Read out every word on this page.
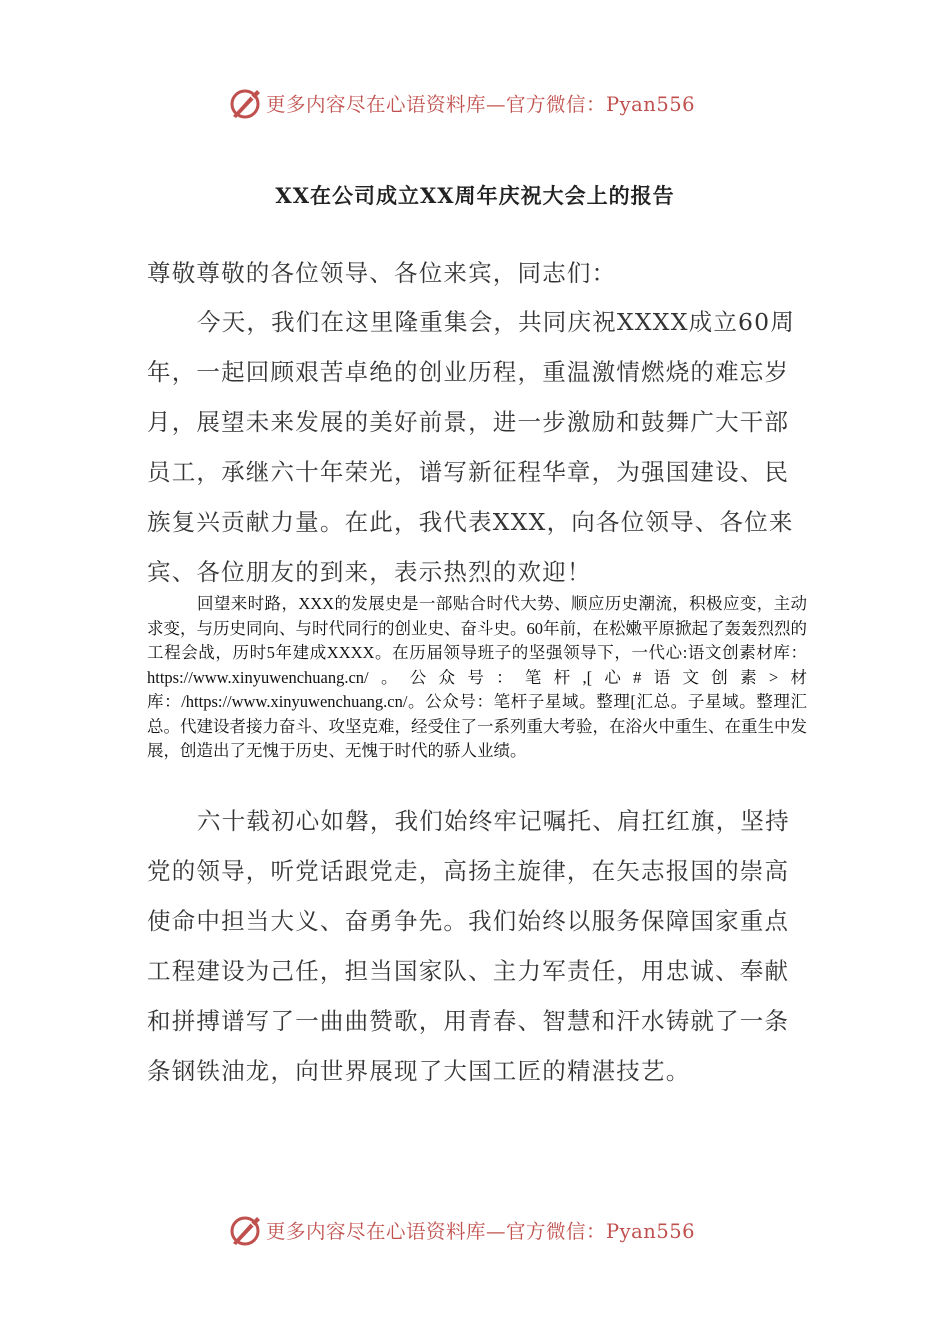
更多内容尽在心语资料库—官方微信：Pyan556
XX在公司成立XX周年庆祝大会上的报告

尊敬尊敬的各位领导、各位来宾，同志们：

今天，我们在这里隆重集会，共同庆祝XXXX成立60周年，一起回顾艰苦卓绝的创业历程，重温激情燃烧的难忘岁月，展望未来发展的美好前景，进一步激励和鼓舞广大干部员工，承继六十年荣光，谱写新征程华章，为强国建设、民族复兴贡献力量。在此，我代表XXX，向各位领导、各位来宾、各位朋友的到来，表示热烈的欢迎！

回望来时路，XXX的发展史是一部贴合时代大势、顺应历史潮流，积极应变，主动求变，与历史同向、与时代同行的创业史、奋斗史。60年前，在松嫩平原掀起了轰轰烈烈的工程会战，历时5年建成XXXX。在历届领导班子的坚强领导下，一代心:语文创素材库：https://www.xinyuwenchuang.cn/。公众号：笔杆,[心#语文创素>材库：/https://www.xinyuwenchuang.cn/。公众号：笔杆子星域。整理[汇总。子星域。整理汇总。代建设者接力奋斗、攻坚克难，经受住了一系列重大考验，在浴火中重生、在重生中发展，创造出了无愧于历史、无愧于时代的骄人业绩。

六十载初心如磐，我们始终牢记嘱托、肩扛红旗，坚持党的领导，听党话跟党走，高扬主旋律，在矢志报国的崇高使命中担当大义、奋勇争先。我们始终以服务保障国家重点工程建设为己任，担当国家队、主力军责任，用忠诚、奉献和拼搏谱写了一曲曲赞歌，用青春、智慧和汗水铸就了一条条钢铁油龙，向世界展现了大国工匠的精湛技艺。

更多内容尽在心语资料库—官方微信：Pyan556
